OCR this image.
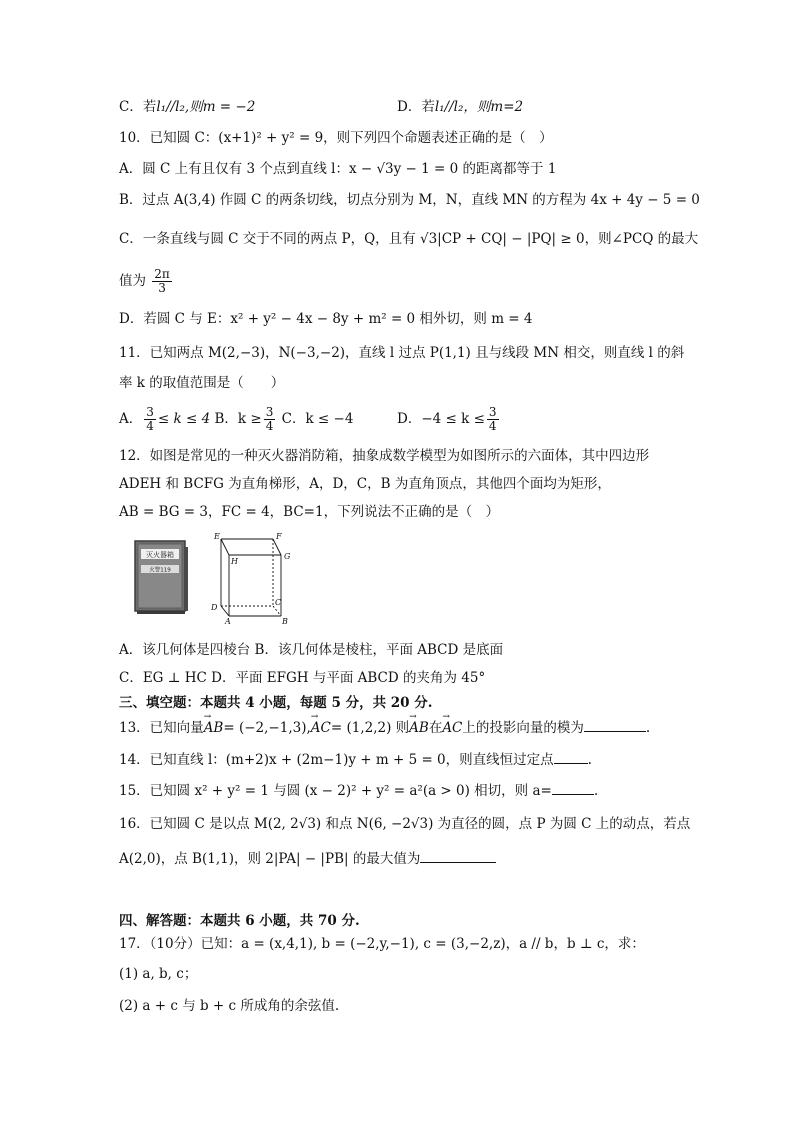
C．若l₁//l₂,则m = −2	D．若l₁//l₂，则m=2
10．已知圆 C：(x+1)² + y² = 9，则下列四个命题表述正确的是（　）
A．圆 C 上有且仅有 3 个点到直线 l：x − √3y − 1 = 0 的距离都等于 1
B．过点 A(3,4) 作圆 C 的两条切线，切点分别为 M，N，直线 MN 的方程为 4x + 4y − 5 = 0
C．一条直线与圆 C 交于不同的两点 P，Q，且有 √3|CP + CQ| − |PQ| ≥ 0，则∠PCQ 的最大
值为 $\frac{2\pi}{3}$
D．若圆 C 与 E：x² + y² − 4x − 8y + m² = 0 相外切，则 m = 4
11．已知两点 M(2,−3)，N(−3,−2)，直线 l 过点 P(1,1) 且与线段 MN 相交，则直线 l 的斜
率 k 的取值范围是（　　）
A． $\frac{3}{4} \le k \le 4$ B．$k \ge \frac{3}{4}$ C．k ≤ −4	D．$-4 \le k \le \frac{3}{4}$
12．如图是常见的一种灭火器消防箱，抽象成数学模型为如图所示的六面体，其中四边形
ADEH 和 BCFG 为直角梯形，A，D，C，B 为直角顶点，其他四个面均为矩形，
AB = BG = 3，FC = 4，BC=1，下列说法不正确的是（　）
灭火器箱
火警119
E	F
H
G
D
C
A	B
A．该几何体是四棱台 B．该几何体是棱柱，平面 ABCD 是底面
C．EG ⊥ HC D．平面 EFGH 与平面 ABCD 的夹角为 45°
三、填空题：本题共 4 小题，每题 5 分，共 20 分.
13．已知向量→ AB= (−2,−1,3),→ AC= (1,2,2) 则→ AB在→ AC上的投影向量的模为	.
14．已知直线 l：(m+2)x + (2m−1)y + m + 5 = 0，则直线恒过定点	.
15．已知圆 x² + y² = 1 与圆 (x − 2)² + y² = a²(a > 0) 相切，则 a=	.
16．已知圆 C 是以点 M(2, 2√3) 和点 N(6, −2√3) 为直径的圆，点 P 为圆 C 上的动点，若点
A(2,0)，点 B(1,1)，则 2|PA| − |PB| 的最大值为
四、解答题：本题共 6 小题，共 70 分.
17．（10分）已知：a = (x,4,1), b = (−2,y,−1), c = (3,−2,z)，a // b，b ⊥ c，求：
(1) a, b, c；
(2) a + c 与 b + c 所成角的余弦值.
